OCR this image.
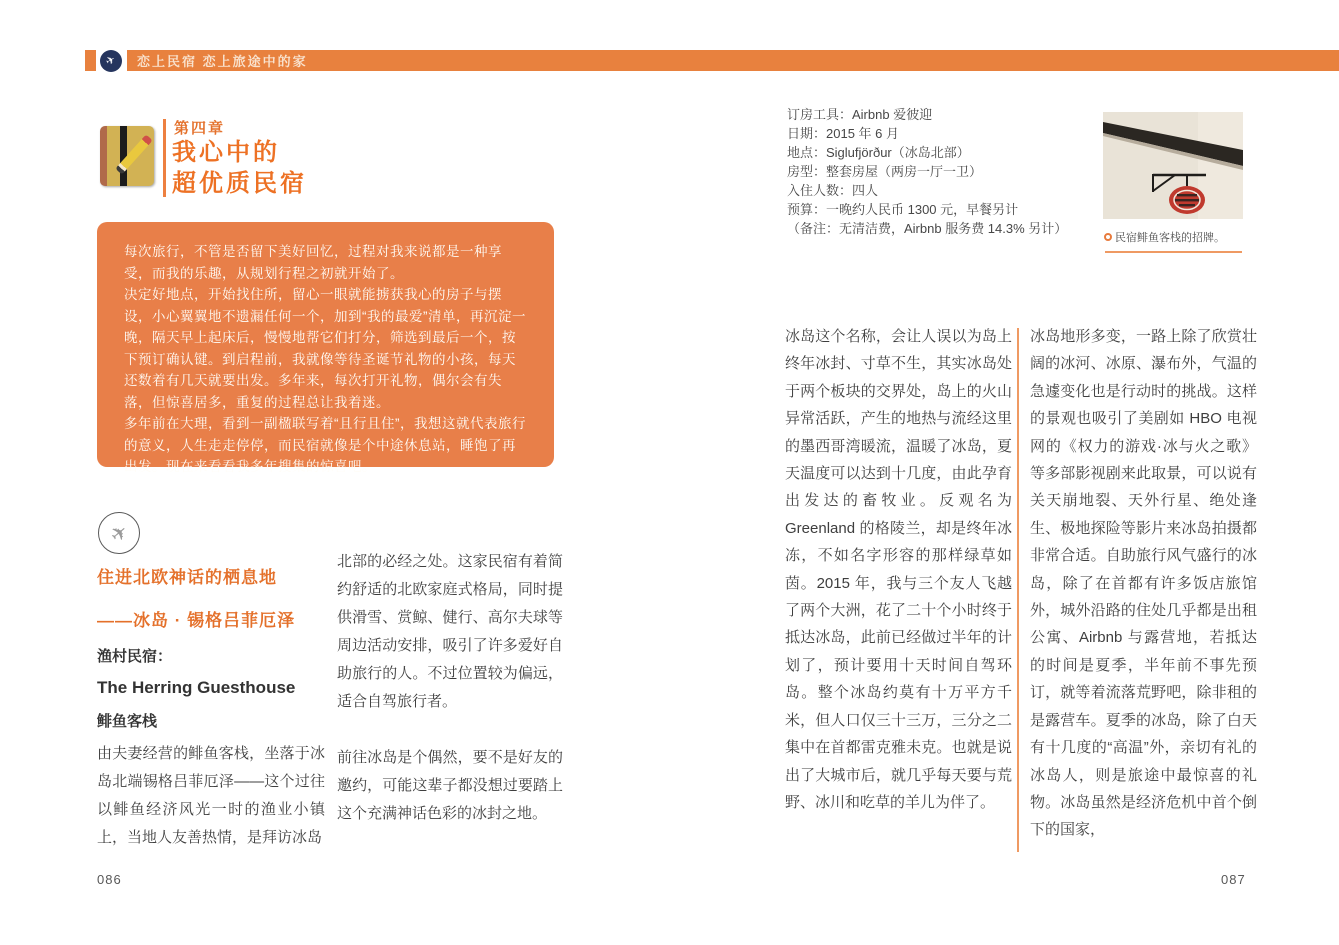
✈ 恋上民宿 恋上旅途中的家
第四章
我心中的
超优质民宿

每次旅行，不管是否留下美好回忆，过程对我来说都是一种享受，而我的乐趣，从规划行程之初就开始了。

决定好地点，开始找住所，留心一眼就能掳获我心的房子与摆设，小心翼翼地不遗漏任何一个，加到“我的最爱”清单，再沉淀一晚，隔天早上起床后，慢慢地帮它们打分，筛选到最后一个，按下预订确认键。到启程前，我就像等待圣诞节礼物的小孩，每天还数着有几天就要出发。多年来，每次打开礼物，偶尔会有失落，但惊喜居多，重复的过程总让我着迷。

多年前在大理，看到一副楹联写着“且行且住”，我想这就代表旅行的意义，人生走走停停，而民宿就像是个中途休息站，睡饱了再出发。现在来看看我多年搜集的惊喜吧。

✈
住进北欧神话的栖息地
——冰岛 · 锡格吕菲厄泽
渔村民宿：
The Herring Guesthouse
鲱鱼客栈

由夫妻经营的鲱鱼客栈，坐落于冰岛北端锡格吕菲厄泽——这个过往以鲱鱼经济风光一时的渔业小镇上，当地人友善热情，是拜访冰岛

北部的必经之处。这家民宿有着简约舒适的北欧家庭式格局，同时提供滑雪、赏鲸、健行、高尔夫球等周边活动安排，吸引了许多爱好自助旅行的人。不过位置较为偏远，适合自驾旅行者。

前往冰岛是个偶然，要不是好友的邀约，可能这辈子都没想过要踏上这个充满神话色彩的冰封之地。

086
订房工具：Airbnb 爱彼迎
日期：2015 年 6 月
地点：Siglufjörður（冰岛北部）
房型：整套房屋（两房一厅一卫）
入住人数：四人
预算：一晚约人民币 1300 元，早餐另计
（备注：无清洁费，Airbnb 服务费 14.3% 另计）
民宿鲱鱼客栈的招牌。
冰岛这个名称，会让人误以为岛上终年冰封、寸草不生，其实冰岛处于两个板块的交界处，岛上的火山异常活跃，产生的地热与流经这里的墨西哥湾暖流，温暖了冰岛，夏天温度可以达到十几度，由此孕育出发达的畜牧业。反观名为 Greenland 的格陵兰，却是终年冰冻，不如名字形容的那样绿草如茵。2015 年，我与三个友人飞越了两个大洲，花了二十个小时终于抵达冰岛，此前已经做过半年的计划了，预计要用十天时间自驾环岛。整个冰岛约莫有十万平方千米，但人口仅三十三万，三分之二集中在首都雷克雅未克。也就是说出了大城市后，就几乎每天要与荒野、冰川和吃草的羊儿为伴了。
冰岛地形多变，一路上除了欣赏壮阔的冰河、冰原、瀑布外，气温的急遽变化也是行动时的挑战。这样的景观也吸引了美剧如 HBO 电视网的《权力的游戏·冰与火之歌》等多部影视剧来此取景，可以说有关天崩地裂、天外行星、绝处逢生、极地探险等影片来冰岛拍摄都非常合适。自助旅行风气盛行的冰岛，除了在首都有许多饭店旅馆外，城外沿路的住处几乎都是出租公寓、Airbnb 与露营地，若抵达的时间是夏季，半年前不事先预订，就等着流落荒野吧，除非租的是露营车。夏季的冰岛，除了白天有十几度的“高温”外，亲切有礼的冰岛人，则是旅途中最惊喜的礼物。冰岛虽然是经济危机中首个倒下的国家，
087
